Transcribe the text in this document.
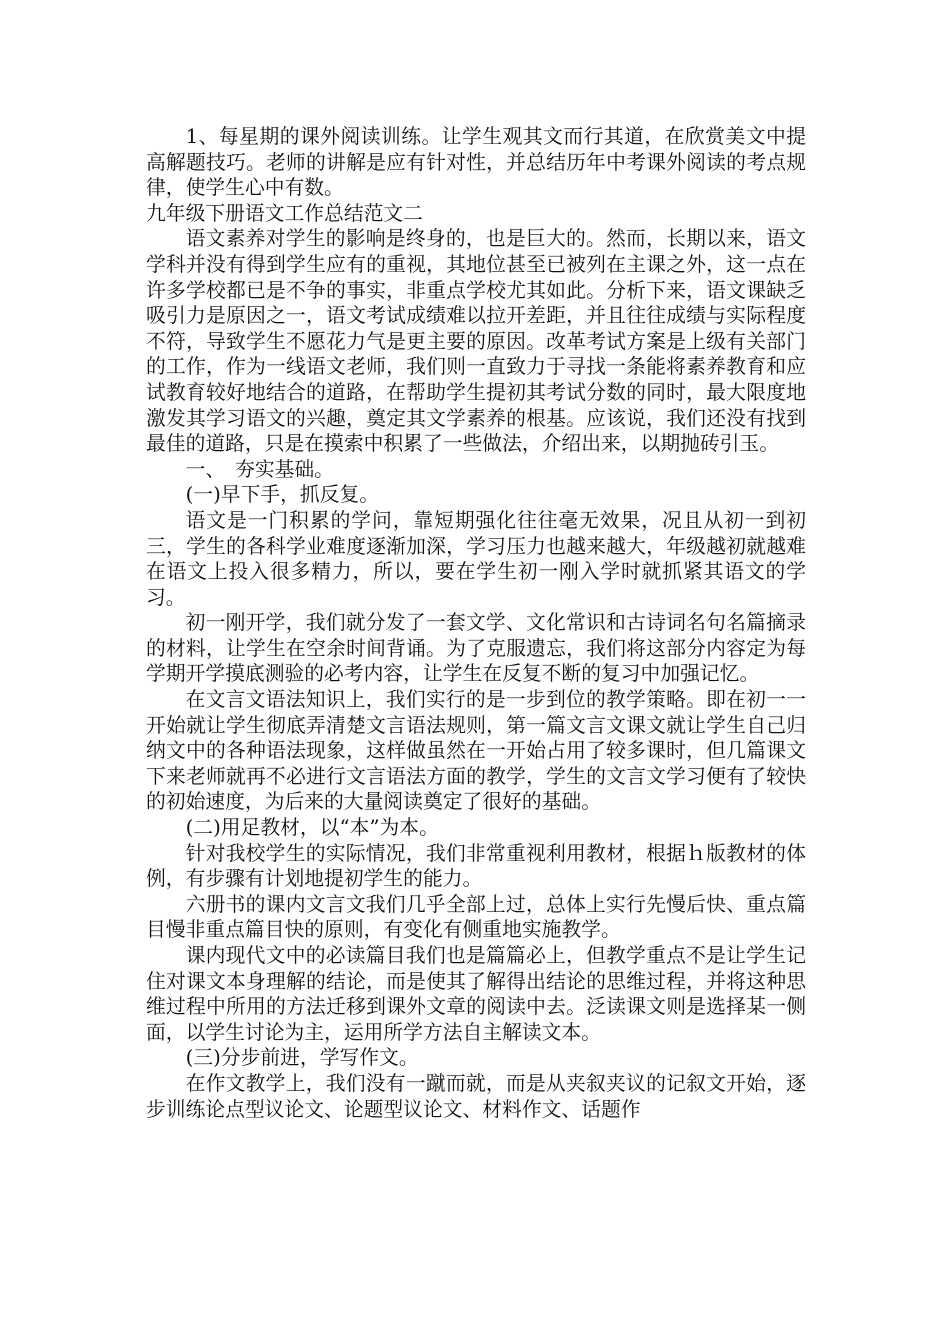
1、每星期的课外阅读训练。让学生观其文而行其道，在欣赏美文中提高解题技巧。老师的讲解是应有针对性，并总结历年中考课外阅读的考点规律，使学生心中有数。

九年级下册语文工作总结范文二

语文素养对学生的影响是终身的，也是巨大的。然而，长期以来，语文学科并没有得到学生应有的重视，其地位甚至已被列在主课之外，这一点在许多学校都已是不争的事实，非重点学校尤其如此。分析下来，语文课缺乏吸引力是原因之一，语文考试成绩难以拉开差距，并且往往成绩与实际程度不符，导致学生不愿花力气是更主要的原因。改革考试方案是上级有关部门的工作，作为一线语文老师，我们则一直致力于寻找一条能将素养教育和应试教育较好地结合的道路，在帮助学生提初其考试分数的同时，最大限度地激发其学习语文的兴趣，奠定其文学素养的根基。应该说，我们还没有找到最佳的道路，只是在摸索中积累了一些做法，介绍出来，以期抛砖引玉。

一、　夯实基础。

(一)早下手，抓反复。

语文是一门积累的学问，靠短期强化往往毫无效果，况且从初一到初三，学生的各科学业难度逐渐加深，学习压力也越来越大，年级越初就越难在语文上投入很多精力，所以，要在学生初一刚入学时就抓紧其语文的学习。

初一刚开学，我们就分发了一套文学、文化常识和古诗词名句名篇摘录的材料，让学生在空余时间背诵。为了克服遗忘，我们将这部分内容定为每学期开学摸底测验的必考内容，让学生在反复不断的复习中加强记忆。

在文言文语法知识上，我们实行的是一步到位的教学策略。即在初一一开始就让学生彻底弄清楚文言语法规则，第一篇文言文课文就让学生自己归纳文中的各种语法现象，这样做虽然在一开始占用了较多课时，但几篇课文下来老师就再不必进行文言语法方面的教学，学生的文言文学习便有了较快的初始速度，为后来的大量阅读奠定了很好的基础。

(二)用足教材，以“本”为本。

针对我校学生的实际情况，我们非常重视利用教材，根据ｈ版教材的体例，有步骤有计划地提初学生的能力。

六册书的课内文言文我们几乎全部上过，总体上实行先慢后快、重点篇目慢非重点篇目快的原则，有变化有侧重地实施教学。

课内现代文中的必读篇目我们也是篇篇必上，但教学重点不是让学生记住对课文本身理解的结论，而是使其了解得出结论的思维过程，并将这种思维过程中所用的方法迁移到课外文章的阅读中去。泛读课文则是选择某一侧面，以学生讨论为主，运用所学方法自主解读文本。

(三)分步前进，学写作文。

在作文教学上，我们没有一蹴而就，而是从夹叙夹议的记叙文开始，逐步训练论点型议论文、论题型议论文、材料作文、话题作
